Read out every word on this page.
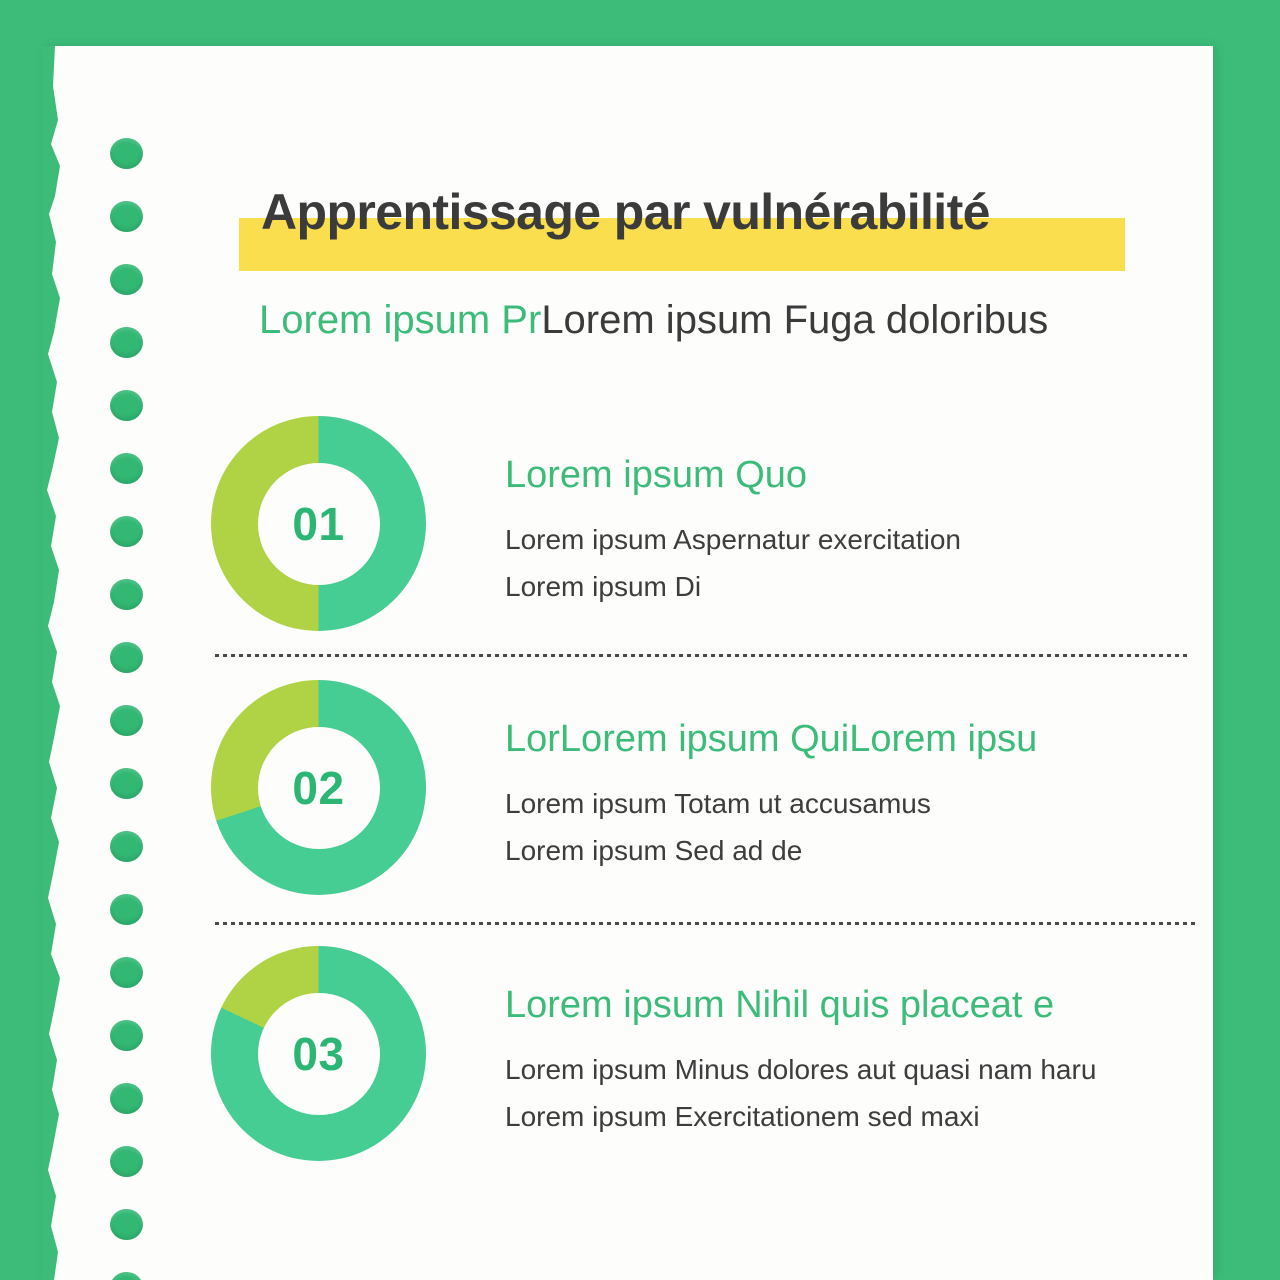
Apprentissage par vulnérabilité
Lorem ipsum PrLorem ipsum Fuga doloribus
01
Lorem ipsum Quo
Lorem ipsum Aspernatur exercitation
Lorem ipsum Di
02
LorLorem ipsum QuiLorem ipsu
Lorem ipsum Totam ut accusamus
Lorem ipsum Sed ad de
03
Lorem ipsum Nihil quis placeat e
Lorem ipsum Minus dolores aut quasi nam haru
Lorem ipsum Exercitationem sed maxi
